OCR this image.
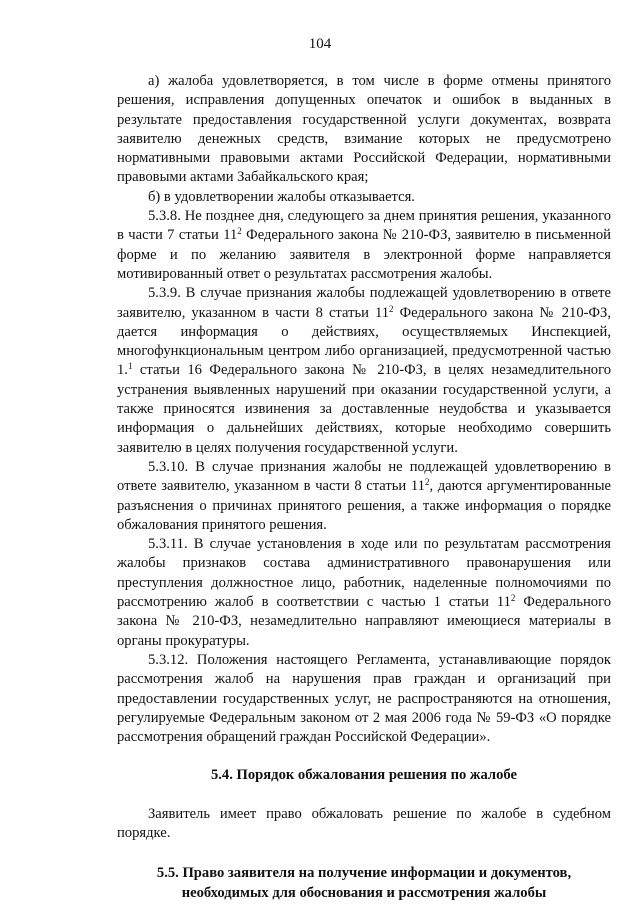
104

а) жалоба удовлетворяется, в том числе в форме отмены принятого решения, исправления допущенных опечаток и ошибок в выданных в результате предоставления государственной услуги документах, возврата заявителю денежных средств, взимание которых не предусмотрено нормативными правовыми актами Российской Федерации, нормативными правовыми актами Забайкальского края;

б) в удовлетворении жалобы отказывается.

5.3.8. Не позднее дня, следующего за днем принятия решения, указанного в части 7 статьи $11^2$ Федерального закона № 210-ФЗ, заявителю в письменной форме и по желанию заявителя в электронной форме направляется мотивированный ответ о результатах рассмотрения жалобы.

5.3.9. В случае признания жалобы подлежащей удовлетворению в ответе заявителю, указанном в части 8 статьи $11^2$ Федерального закона № 210-ФЗ, дается информация о действиях, осуществляемых Инспекцией, многофункциональным центром либо организацией, предусмотренной частью 1.$^1$ статьи 16 Федерального закона № 210-ФЗ, в целях незамедлительного устранения выявленных нарушений при оказании государственной услуги, а также приносятся извинения за доставленные неудобства и указывается информация о дальнейших действиях, которые необходимо совершить заявителю в целях получения государственной услуги.

5.3.10. В случае признания жалобы не подлежащей удовлетворению в ответе заявителю, указанном в части 8 статьи $11^2$, даются аргументированные разъяснения о причинах принятого решения, а также информация о порядке обжалования принятого решения.

5.3.11. В случае установления в ходе или по результатам рассмотрения жалобы признаков состава административного правонарушения или преступления должностное лицо, работник, наделенные полномочиями по рассмотрению жалоб в соответствии с частью 1 статьи $11^2$ Федерального закона № 210-ФЗ, незамедлительно направляют имеющиеся материалы в органы прокуратуры.

5.3.12. Положения настоящего Регламента, устанавливающие порядок рассмотрения жалоб на нарушения прав граждан и организаций при предоставлении государственных услуг, не распространяются на отношения, регулируемые Федеральным законом от 2 мая 2006 года № 59-ФЗ «О порядке рассмотрения обращений граждан Российской Федерации».

5.4. Порядок обжалования решения по жалобе

Заявитель имеет право обжаловать решение по жалобе в судебном порядке.

5.5. Право заявителя на получение информации и документов,
необходимых для обоснования и рассмотрения жалобы
